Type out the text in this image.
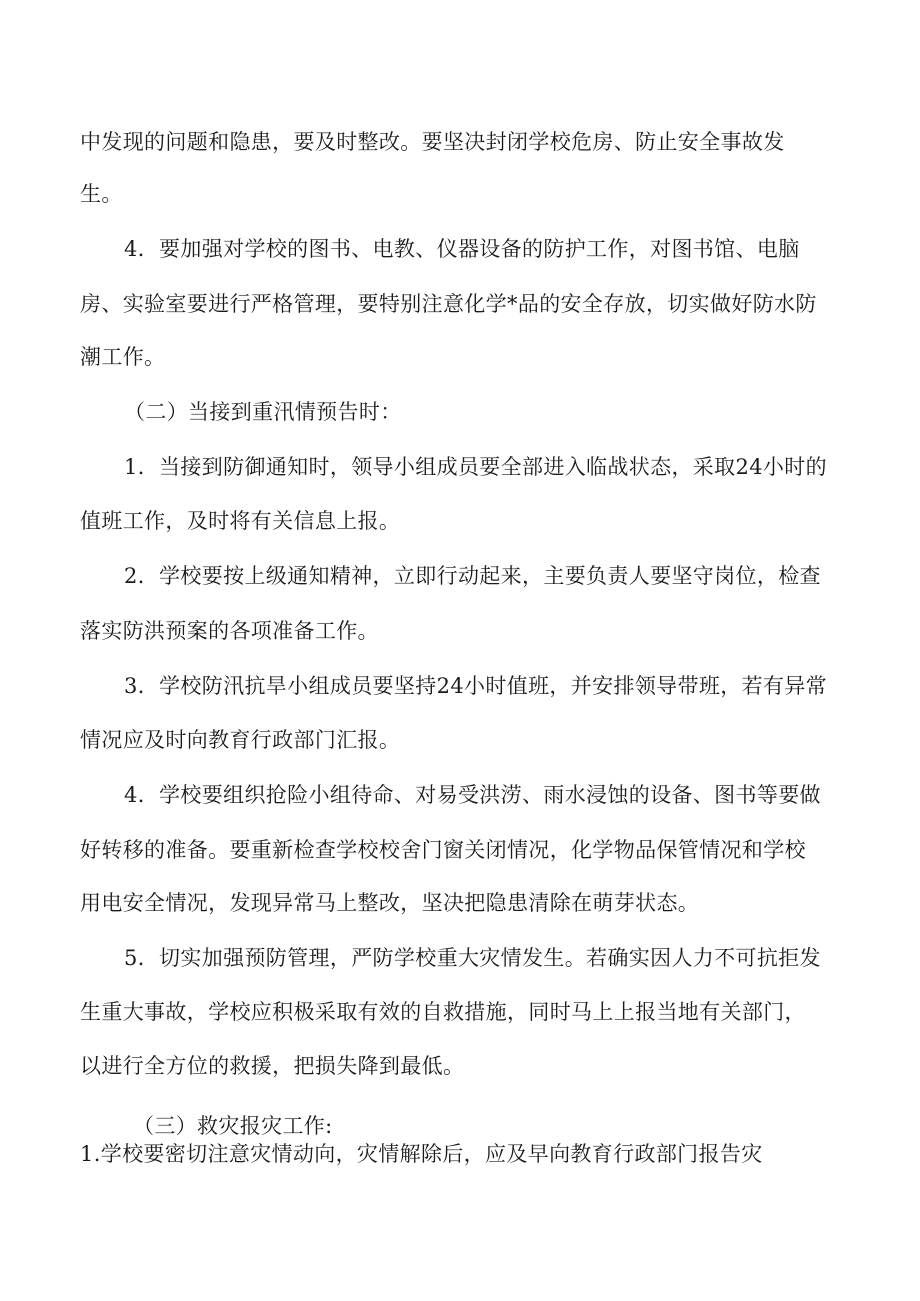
中发现的问题和隐患，要及时整改。要坚决封闭学校危房、防止安全事故发
生。
4．要加强对学校的图书、电教、仪器设备的防护工作，对图书馆、电脑
房、实验室要进行严格管理，要特别注意化学*品的安全存放，切实做好防水防
潮工作。
（二）当接到重汛情预告时：
1．当接到防御通知时，领导小组成员要全部进入临战状态，采取24小时的
值班工作，及时将有关信息上报。
2．学校要按上级通知精神，立即行动起来，主要负责人要坚守岗位，检查
落实防洪预案的各项准备工作。
3．学校防汛抗旱小组成员要坚持24小时值班，并安排领导带班，若有异常
情况应及时向教育行政部门汇报。
4．学校要组织抢险小组待命、对易受洪涝、雨水浸蚀的设备、图书等要做
好转移的准备。要重新检查学校校舍门窗关闭情况，化学物品保管情况和学校
用电安全情况，发现异常马上整改，坚决把隐患清除在萌芽状态。
5．切实加强预防管理，严防学校重大灾情发生。若确实因人力不可抗拒发
生重大事故，学校应积极采取有效的自救措施，同时马上上报当地有关部门，
以进行全方位的救援，把损失降到最低。
（三）救灾报灾工作:
1.学校要密切注意灾情动向，灾情解除后，应及早向教育行政部门报告灾
